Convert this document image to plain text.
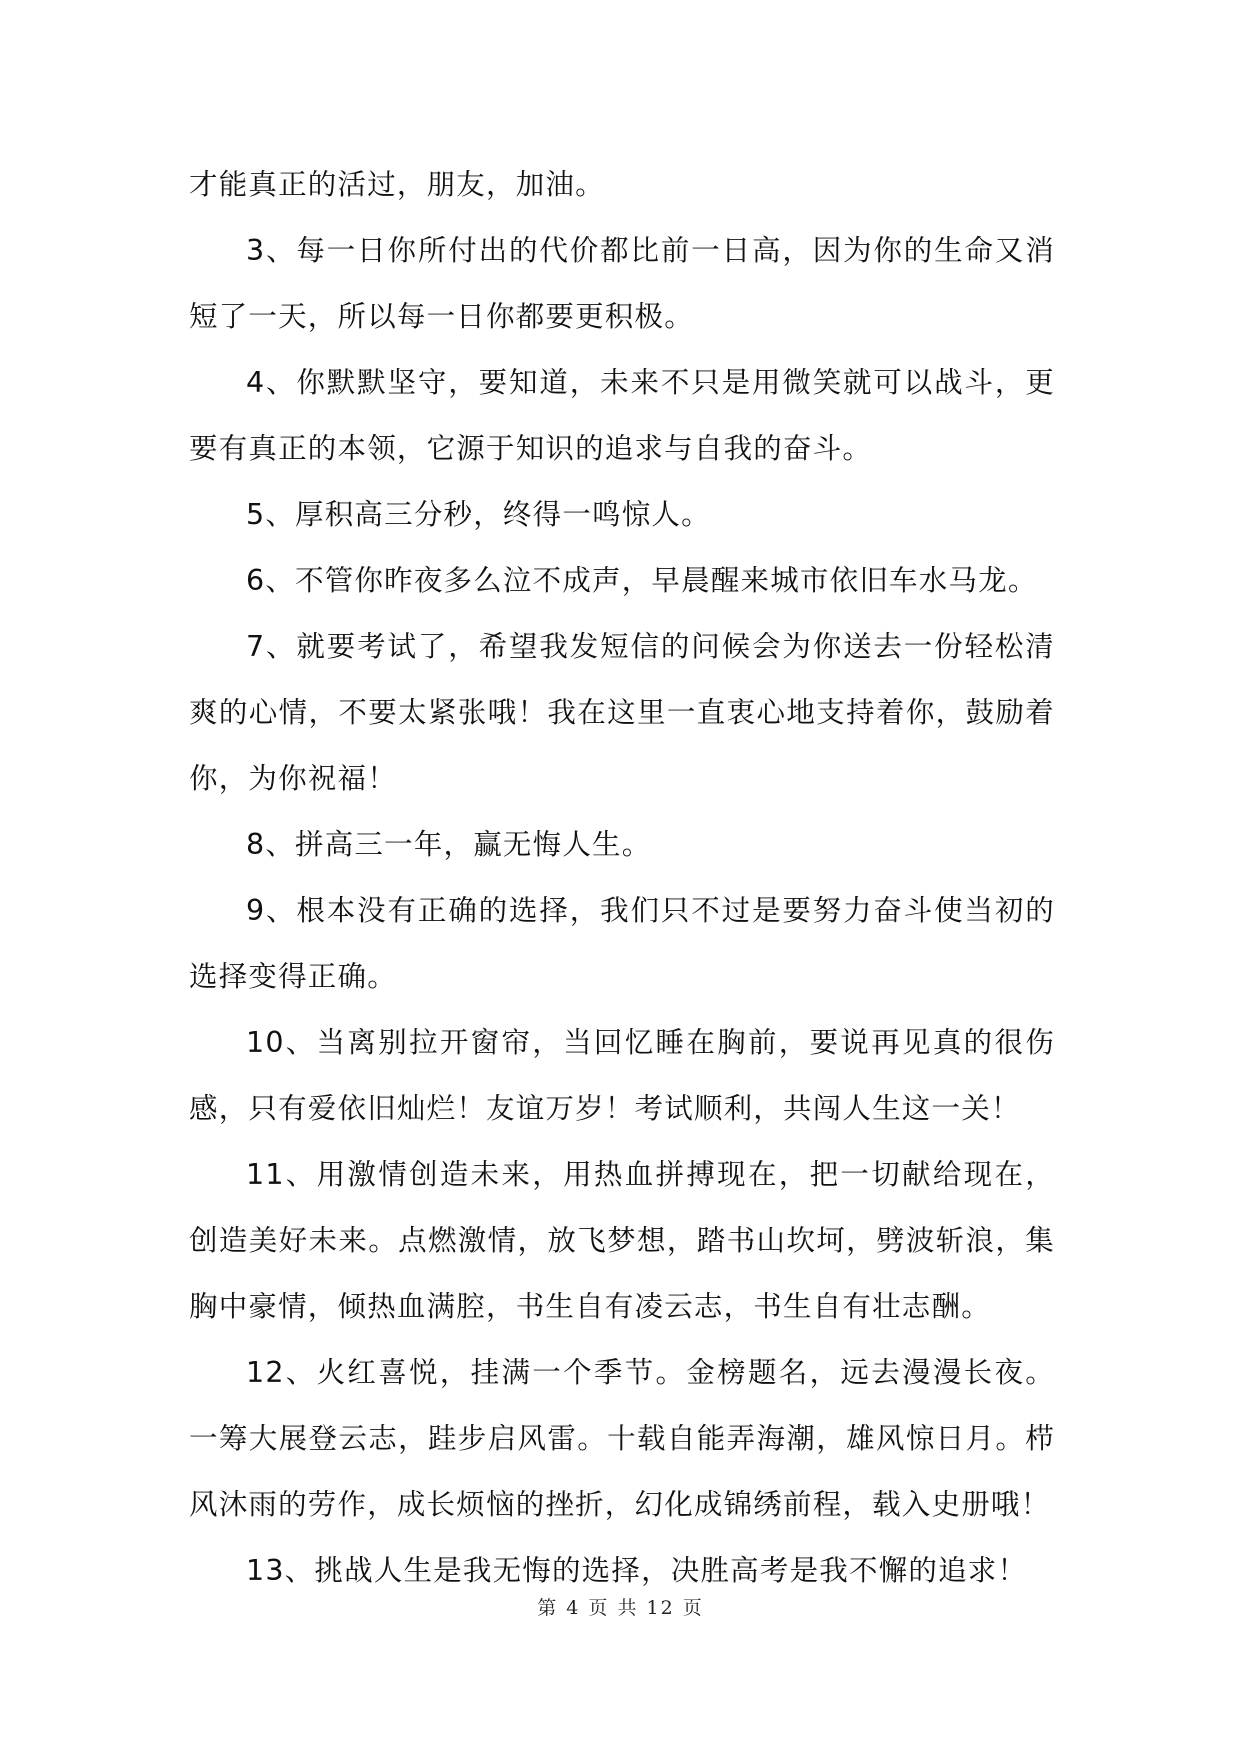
才能真正的活过，朋友，加油。

3、每一日你所付出的代价都比前一日高，因为你的生命又消短了一天，所以每一日你都要更积极。

4、你默默坚守，要知道，未来不只是用微笑就可以战斗，更要有真正的本领，它源于知识的追求与自我的奋斗。

5、厚积高三分秒，终得一鸣惊人。

6、不管你昨夜多么泣不成声，早晨醒来城市依旧车水马龙。

7、就要考试了，希望我发短信的问候会为你送去一份轻松清爽的心情，不要太紧张哦！我在这里一直衷心地支持着你，鼓励着你，为你祝福！

8、拼高三一年，赢无悔人生。

9、根本没有正确的选择，我们只不过是要努力奋斗使当初的选择变得正确。

10、当离别拉开窗帘，当回忆睡在胸前，要说再见真的很伤感，只有爱依旧灿烂！友谊万岁！考试顺利，共闯人生这一关！

11、用激情创造未来，用热血拼搏现在，把一切献给现在，创造美好未来。点燃激情，放飞梦想，踏书山坎坷，劈波斩浪，集胸中豪情，倾热血满腔，书生自有凌云志，书生自有壮志酬。

12、火红喜悦，挂满一个季节。金榜题名，远去漫漫长夜。一筹大展登云志，跬步启风雷。十载自能弄海潮，雄风惊日月。栉风沐雨的劳作，成长烦恼的挫折，幻化成锦绣前程，载入史册哦！

13、挑战人生是我无悔的选择，决胜高考是我不懈的追求！

第 4 页 共 12 页
